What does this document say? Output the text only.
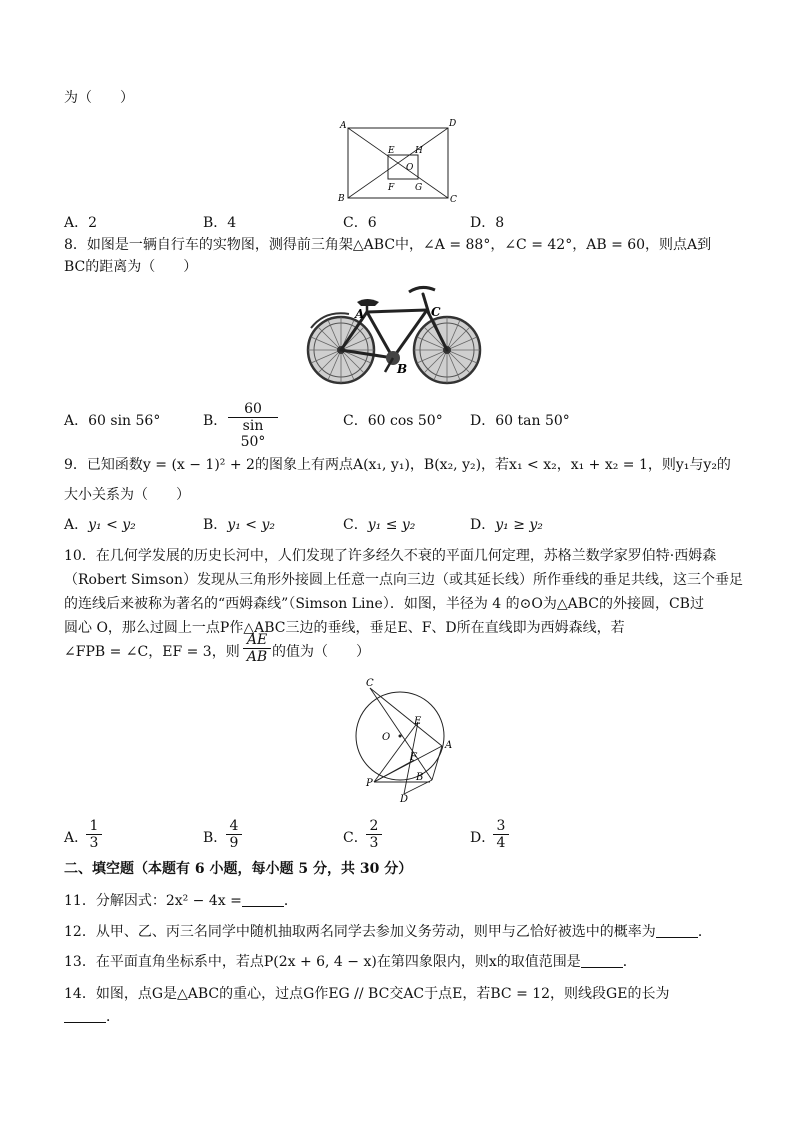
为（　　）
A	D
B	C
E H
O
F G
A．2	B．4	C．6	D．8
8．如图是一辆自行车的实物图，测得前三角架△ABC中，∠A = 88°，∠C = 42°，AB = 60，则点A到
BC的距离为（　　）
A	C
B
A．60 sin 56°	B． $\frac{60}{\sin 50^\circ}$	C．60 cos 50° D．60 tan 50°
9．已知函数y = (x − 1)² + 2的图象上有两点A(x₁, y₁)，B(x₂, y₂)，若x₁ < x₂，x₁ + x₂ = 1，则y₁与y₂的
大小关系为（　　）
A．y₁ < y₂	B．y₁ < y₂	C．y₁ ≤ y₂	D．y₁ ≥ y₂
10．在几何学发展的历史长河中，人们发现了许多经久不衰的平面几何定理，苏格兰数学家罗伯特·西姆森
（Robert Simson）发现从三角形外接圆上任意一点向三边（或其延长线）所作垂线的垂足共线，这三个垂足
的连线后来被称为著名的“西姆森线”（Simson Line）．如图，半径为 4 的⊙O为△ABC的外接圆，CB过
圆心 O，那么过圆上一点P作△ABC三边的垂线，垂足E、F、D所在直线即为西姆森线，若
∠FPB = ∠C，EF = 3，则 $\frac{AE}{AB}$ 的值为（　　）
C
E
O
A
F
B
P
D
A．
$\frac{1}{3}$	B．
$\frac{4}{9}$	C．
$\frac{2}{3}$	D．
$\frac{3}{4}$
二、填空题（本题有 6 小题，每小题 5 分，共 30 分）
11．分解因式：2x² − 4x =	．
12．从甲、乙、丙三名同学中随机抽取两名同学去参加义务劳动，则甲与乙恰好被选中的概率为	．
13．在平面直角坐标系中，若点P(2x + 6, 4 − x)在第四象限内，则x的取值范围是	．
14．如图，点G是△ABC的重心，过点G作EG // BC交AC于点E，若BC = 12，则线段GE的长为
．
